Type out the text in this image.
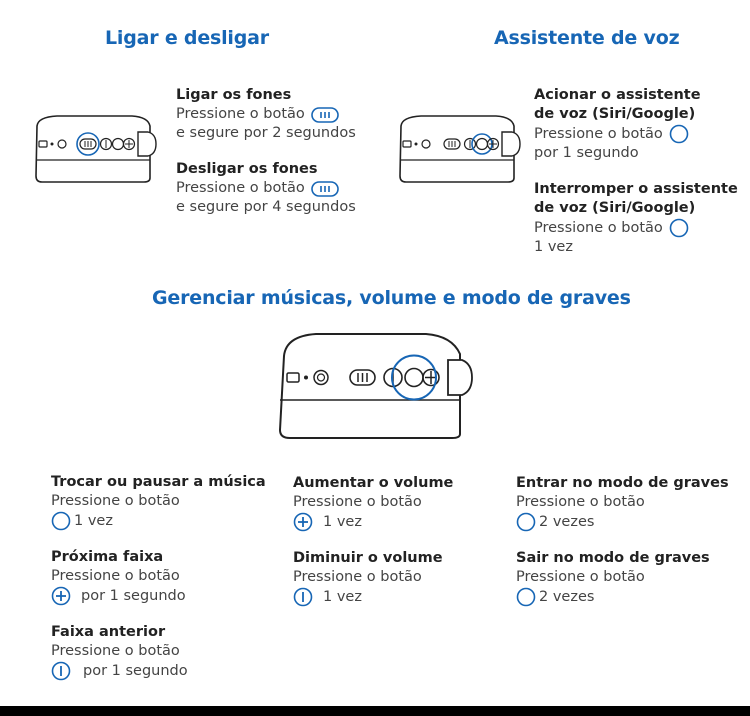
Ligar e desligar
Ligar os fones
Pressione o botão
e segure por 2 segundos
Desligar os fones
Pressione o botão
e segure por 4 segundos
Assistente de voz
Acionar o assistente
de voz (Siri/Google)
Pressione o botão
por 1 segundo
Interromper o assistente
de voz (Siri/Google)
Pressione o botão
1 vez
Gerenciar músicas, volume e modo de graves
Trocar ou pausar a música
Pressione o botão
1 vez
Próxima faixa
Pressione o botão
por 1 segundo
Faixa anterior
Pressione o botão
por 1 segundo
Aumentar o volume
Pressione o botão
1 vez
Diminuir o volume
Pressione o botão
1 vez
Entrar no modo de graves
Pressione o botão
2 vezes
Sair no modo de graves
Pressione o botão
2 vezes
